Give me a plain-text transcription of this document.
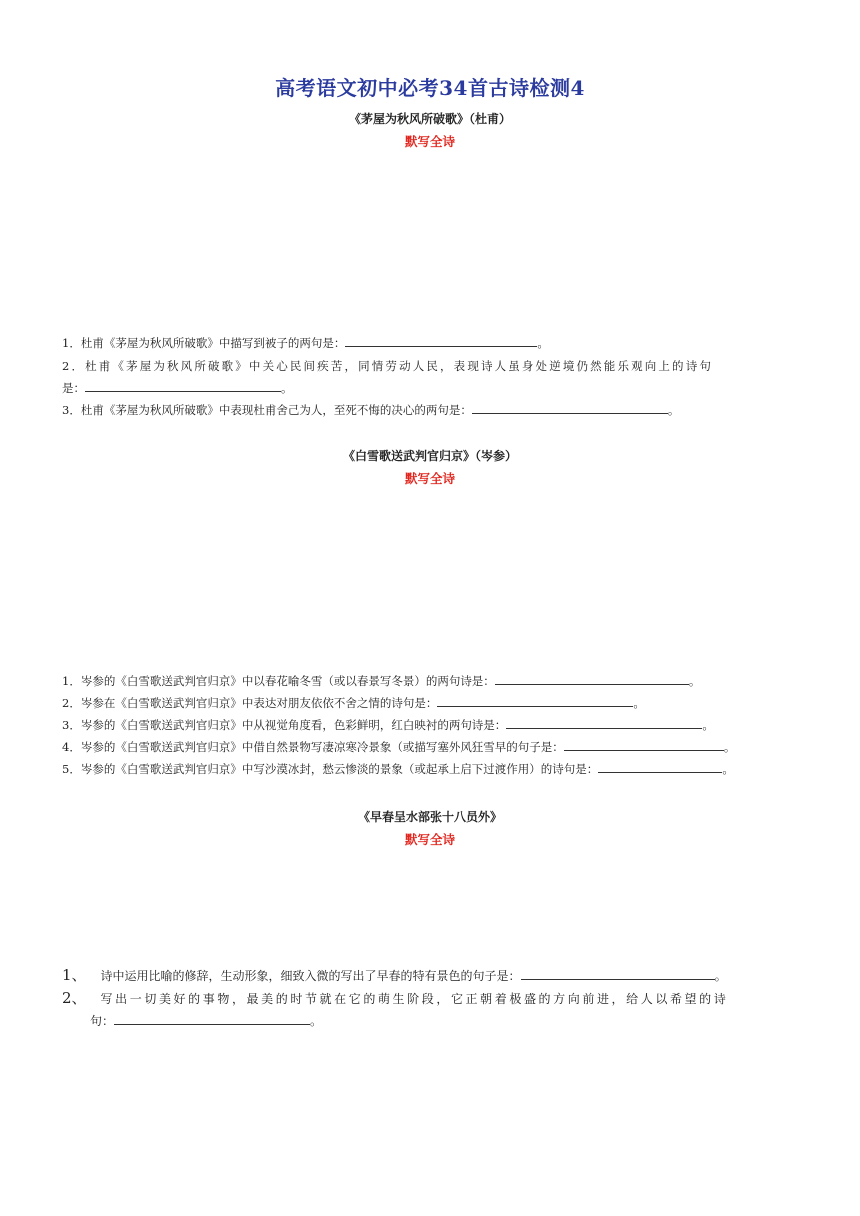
高考语文初中必考34首古诗检测4
《茅屋为秋风所破歌》（杜甫）
默写全诗
1．杜甫《茅屋为秋风所破歌》中描写到被子的两句是：	。
2．杜甫《茅屋为秋风所破歌》中关心民间疾苦，同情劳动人民，表现诗人虽身处逆境仍然能乐观向上的诗句
是：	。
3．杜甫《茅屋为秋风所破歌》中表现杜甫舍己为人，至死不悔的决心的两句是：	。
《白雪歌送武判官归京》（岑参）
默写全诗
1．岑参的《白雪歌送武判官归京》中以春花喻冬雪（或以春景写冬景）的两句诗是：	。
2．岑参在《白雪歌送武判官归京》中表达对朋友依依不舍之情的诗句是：	。
3．岑参的《白雪歌送武判官归京》中从视觉角度看，色彩鲜明，红白映衬的两句诗是：	。
4．岑参的《白雪歌送武判官归京》中借自然景物写凄凉寒冷景象（或描写塞外风狂雪早的句子是：	。
5．岑参的《白雪歌送武判官归京》中写沙漠冰封，愁云惨淡的景象（或起承上启下过渡作用）的诗句是：	。
《早春呈水部张十八员外》
默写全诗
1、 诗中运用比喻的修辞，生动形象，细致入微的写出了早春的特有景色的句子是：	。
2、 写出一切美好的事物，最美的时节就在它的萌生阶段，它正朝着极盛的方向前进，给人以希望的诗
句：	。
